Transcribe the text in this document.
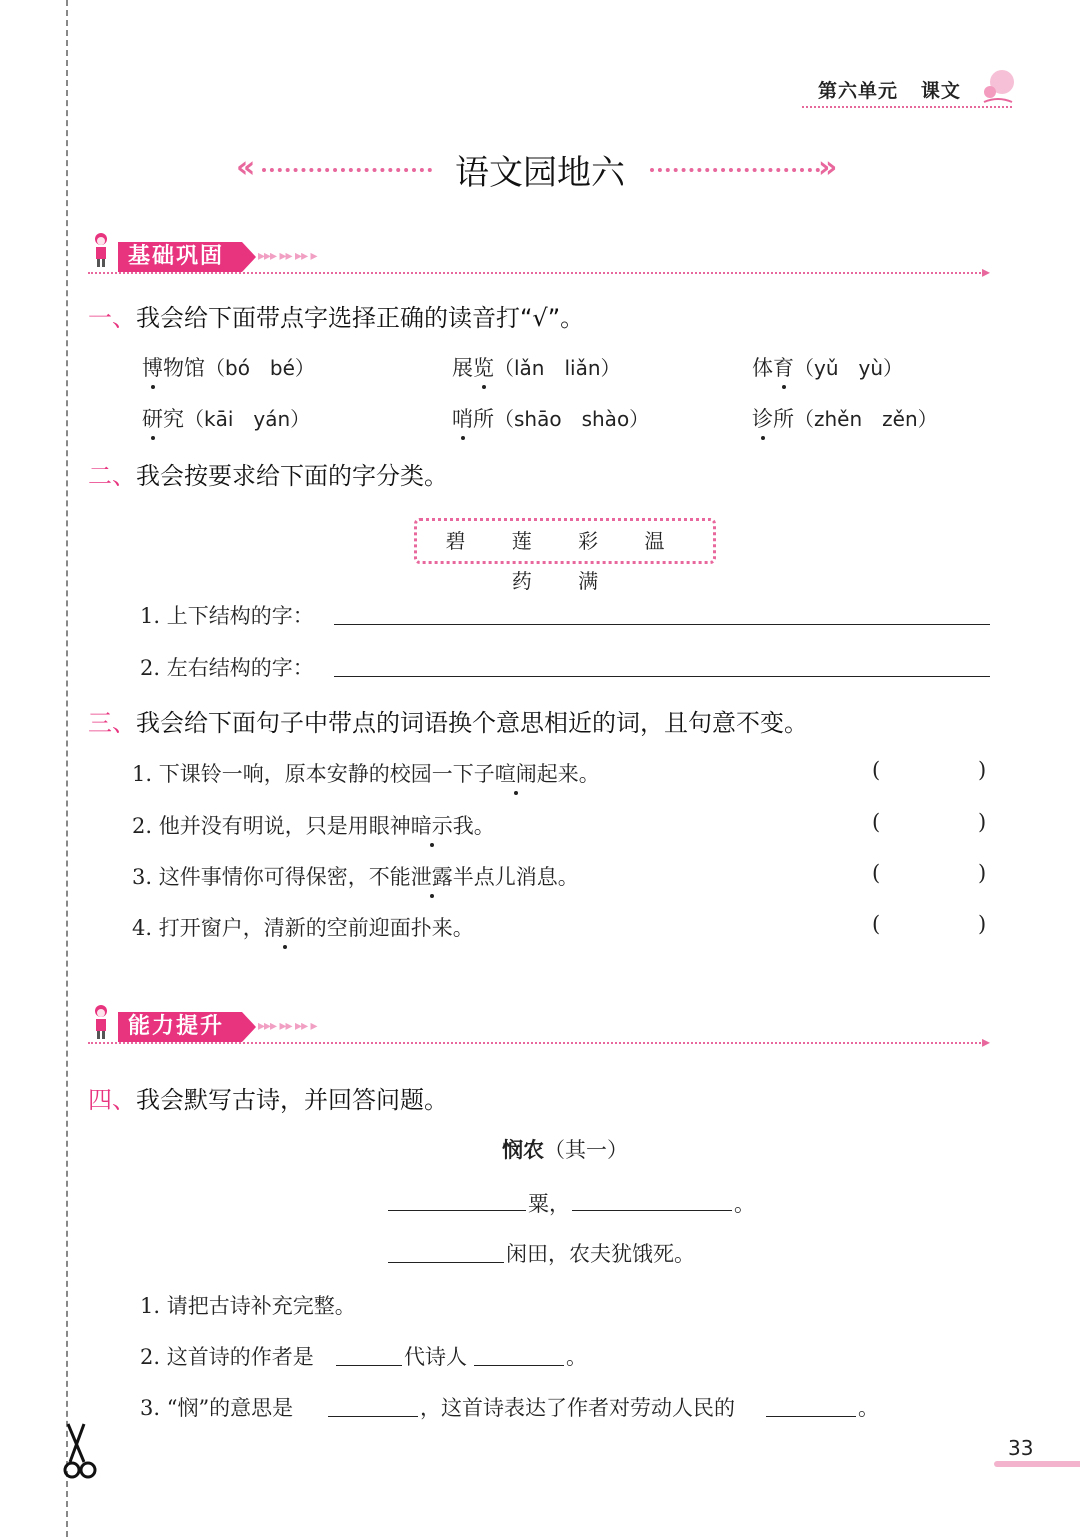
第六单元 课文
«	语文园地六	»
基础巩固	▸▸▸ ▸▸ ▸▸ ▸
▸
一、我会给下面带点字选择正确的读音打“√”。
博物馆（bó　bé）	展览（lǎn　liǎn）	体育（yǔ　yù）
研究（kāi　yán）	哨所（shāo　shào）	诊所（zhěn　zěn）
二、我会按要求给下面的字分类。
碧 莲 彩 温 药 满
1. 上下结构的字：
2. 左右结构的字：
三、我会给下面句子中带点的词语换个意思相近的词，且句意不变。
1. 下课铃一响，原本安静的校园一下子喧闹起来。	(	)
2. 他并没有明说，只是用眼神暗示我。	(	)
3. 这件事情你可得保密，不能泄露半点儿消息。	(	)
4. 打开窗户，清新的空前迎面扑来。	(	)
能力提升	▸▸▸ ▸▸ ▸▸ ▸
▸
四、我会默写古诗，并回答问题。
悯农（其一）
粟，	。
闲田，农夫犹饿死。
1. 请把古诗补充完整。
2. 这首诗的作者是	代诗人	。
3. “悯”的意思是	，这首诗表达了作者对劳动人民的	。
33
